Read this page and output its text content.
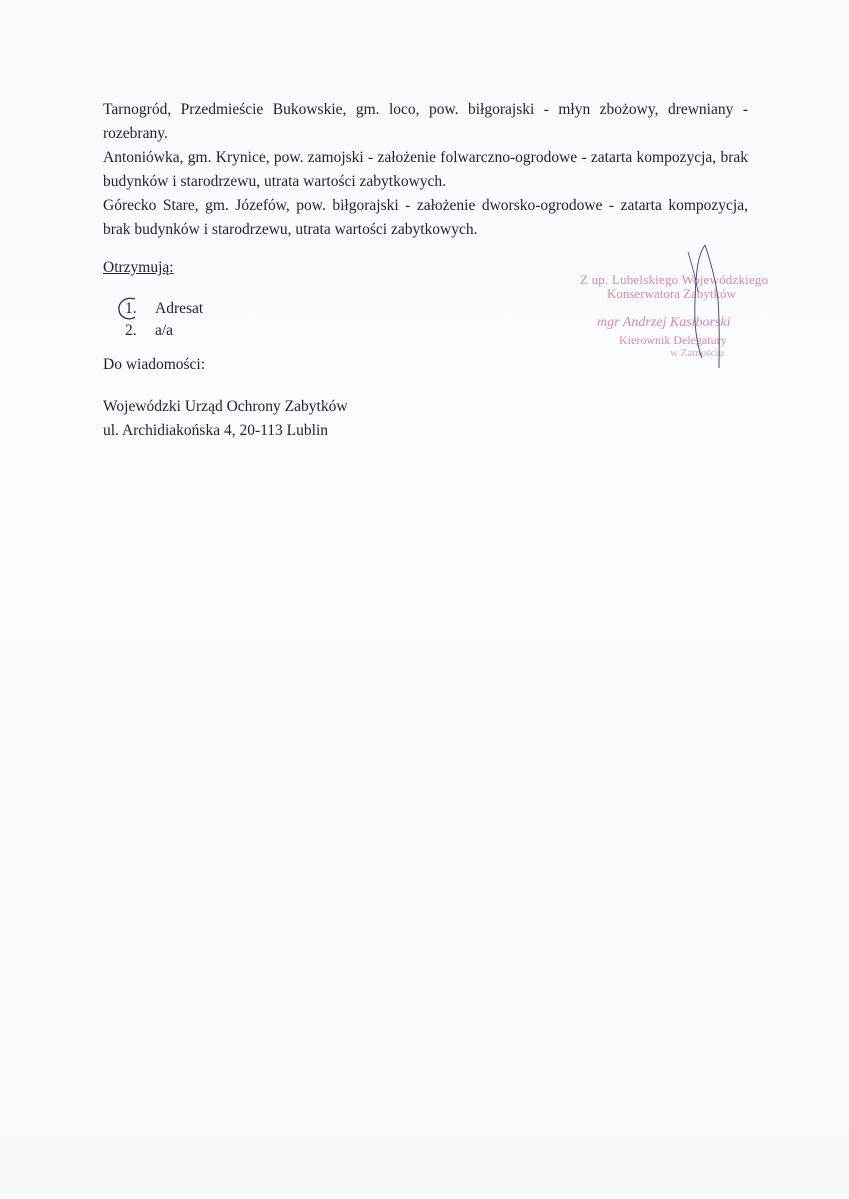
Tarnogród, Przedmieście Bukowskie, gm. loco, pow. biłgorajski - młyn zbożowy, drewniany - rozebrany.

Antoniówka, gm. Krynice, pow. zamojski - założenie folwarczno-ogrodowe - zatarta kompozycja, brak budynków i starodrzewu, utrata wartości zabytkowych.

Górecko Stare, gm. Józefów, pow. biłgorajski - założenie dworsko-ogrodowe - zatarta kompozycja, brak budynków i starodrzewu, utrata wartości zabytkowych.

Otrzymują:
1.	Adresat
2.	a/a
Do wiadomości:
Wojewódzki Urząd Ochrony Zabytków
ul. Archidiakońska 4, 20-113 Lublin
Z up. Lubelskiego Wojewódzkiego
Konserwatora Zabytków
mgr Andrzej Kasiborski
Kierownik Delegatury
w Zamościu
